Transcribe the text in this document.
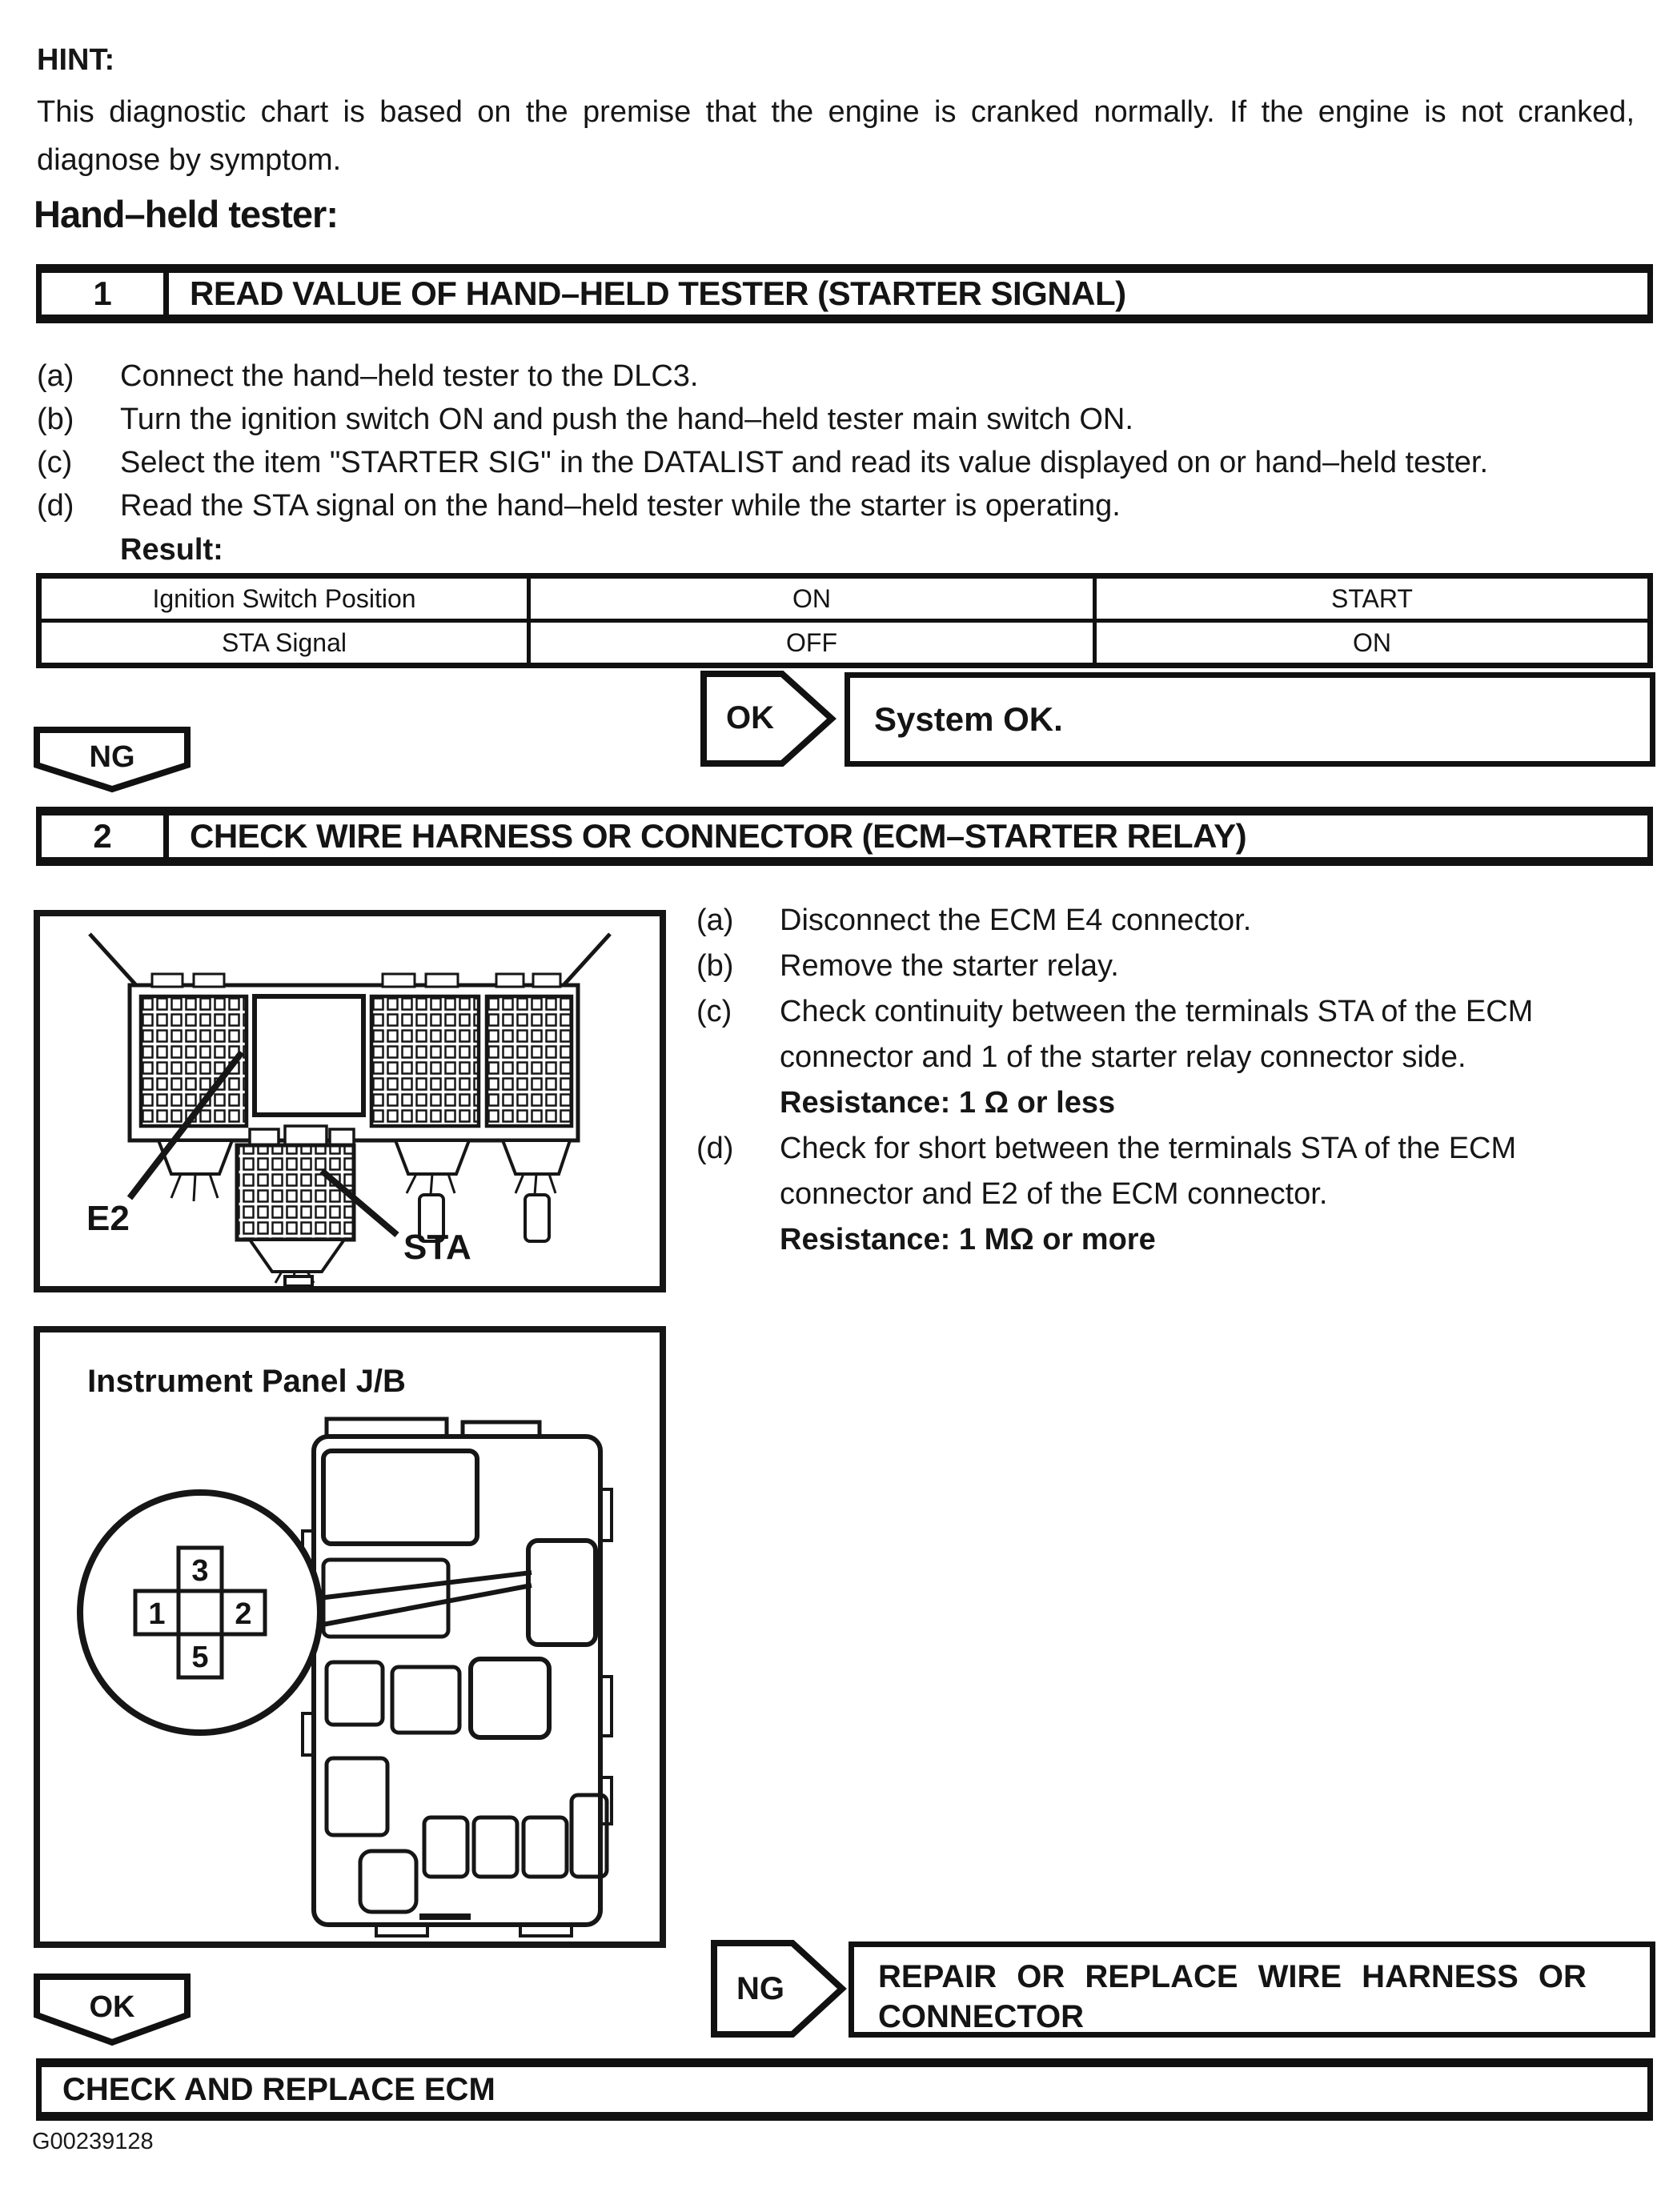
HINT:
This diagnostic chart is based on the premise that the engine is cranked normally. If the engine is not cranked, diagnose by symptom.
Hand–held tester:
1	READ VALUE OF HAND–HELD TESTER (STARTER SIGNAL)
(a)	Connect the hand–held tester to the DLC3.
(b)	Turn the ignition switch ON and push the hand–held tester main switch ON.
(c)	Select the item "STARTER SIG" in the DATALIST and read its value displayed on or hand–held tester.
(d)	Read the STA signal on the hand–held tester while the starter is operating.
Result:
Ignition Switch Position	ON	START
STA Signal	OFF	ON
OK	System OK.
NG
2	CHECK WIRE HARNESS OR CONNECTOR (ECM–STARTER RELAY)
E2
STA
(a)	Disconnect the ECM E4 connector.
(b)	Remove the starter relay.
(c)	Check continuity between the terminals STA of the ECM connector and 1 of the starter relay connector side.
Resistance: 1 Ω or less
(d)	Check for short between the terminals STA of the ECM connector and E2 of the ECM connector.
Resistance: 1 MΩ or more
Instrument Panel J/B
3
1 2
5
NG	REPAIR OR REPLACE WIRE HARNESS OR
CONNECTOR
OK
CHECK AND REPLACE ECM
G00239128
